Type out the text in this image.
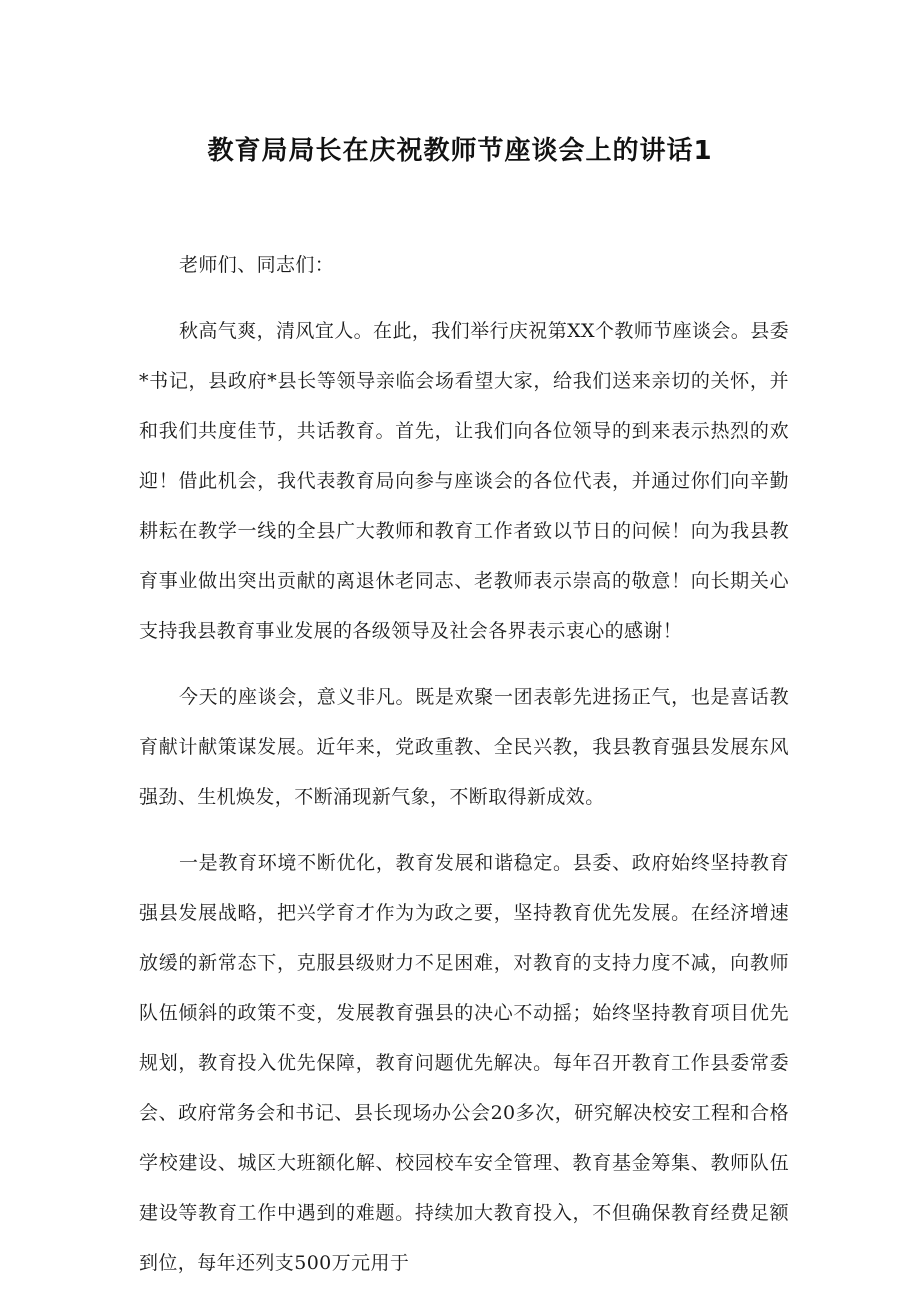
教育局局长在庆祝教师节座谈会上的讲话1

老师们、同志们：

秋高气爽，清风宜人。在此，我们举行庆祝第XX个教师节座谈会。县委*书记，县政府*县长等领导亲临会场看望大家，给我们送来亲切的关怀，并和我们共度佳节，共话教育。首先，让我们向各位领导的到来表示热烈的欢迎！借此机会，我代表教育局向参与座谈会的各位代表，并通过你们向辛勤耕耘在教学一线的全县广大教师和教育工作者致以节日的问候！向为我县教育事业做出突出贡献的离退休老同志、老教师表示崇高的敬意！向长期关心支持我县教育事业发展的各级领导及社会各界表示衷心的感谢！

今天的座谈会，意义非凡。既是欢聚一团表彰先进扬正气，也是喜话教育献计献策谋发展。近年来，党政重教、全民兴教，我县教育强县发展东风强劲、生机焕发，不断涌现新气象，不断取得新成效。

一是教育环境不断优化，教育发展和谐稳定。县委、政府始终坚持教育强县发展战略，把兴学育才作为为政之要，坚持教育优先发展。在经济增速放缓的新常态下，克服县级财力不足困难，对教育的支持力度不减，向教师队伍倾斜的政策不变，发展教育强县的决心不动摇；始终坚持教育项目优先规划，教育投入优先保障，教育问题优先解决。每年召开教育工作县委常委会、政府常务会和书记、县长现场办公会20多次，研究解决校安工程和合格学校建设、城区大班额化解、校园校车安全管理、教育基金筹集、教师队伍建设等教育工作中遇到的难题。持续加大教育投入，不但确保教育经费足额到位，每年还列支500万元用于
